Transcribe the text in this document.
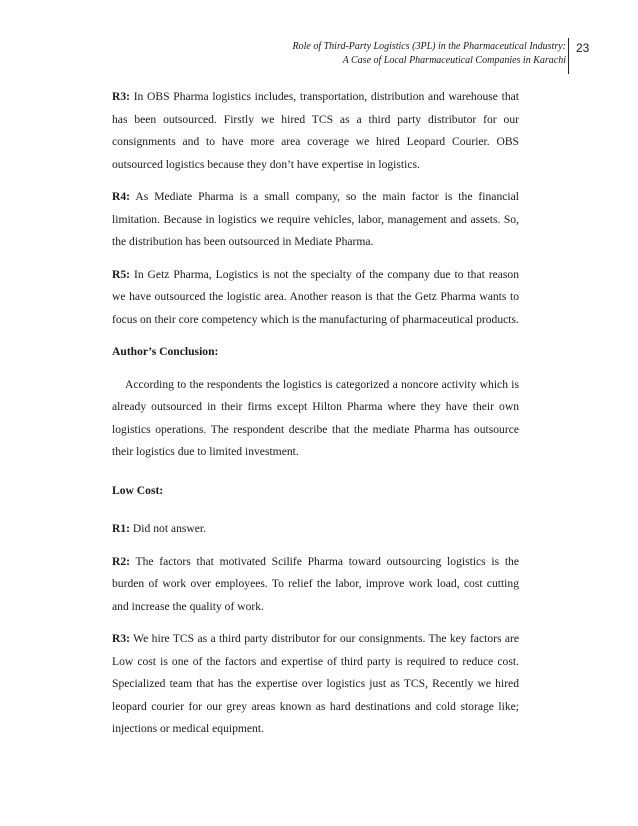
Role of Third-Party Logistics (3PL) in the Pharmaceutical Industry:
A Case of Local Pharmaceutical Companies in Karachi
23

R3: In OBS Pharma logistics includes, transportation, distribution and warehouse that has been outsourced. Firstly we hired TCS as a third party distributor for our consignments and to have more area coverage we hired Leopard Courier. OBS outsourced logistics because they don’t have expertise in logistics.

R4: As Mediate Pharma is a small company, so the main factor is the financial limitation. Because in logistics we require vehicles, labor, management and assets. So, the distribution has been outsourced in Mediate Pharma.

R5: In Getz Pharma, Logistics is not the specialty of the company due to that reason we have outsourced the logistic area. Another reason is that the Getz Pharma wants to focus on their core competency which is the manufacturing of pharmaceutical products.

Author’s Conclusion:

According to the respondents the logistics is categorized a noncore activity which is already outsourced in their firms except Hilton Pharma where they have their own logistics operations. The respondent describe that the mediate Pharma has outsource their logistics due to limited investment.

Low Cost:

R1: Did not answer.

R2: The factors that motivated Scilife Pharma toward outsourcing logistics is the burden of work over employees. To relief the labor, improve work load, cost cutting and increase the quality of work.

R3: We hire TCS as a third party distributor for our consignments. The key factors are Low cost is one of the factors and expertise of third party is required to reduce cost. Specialized team that has the expertise over logistics just as TCS, Recently we hired leopard courier for our grey areas known as hard destinations and cold storage like; injections or medical equipment.
